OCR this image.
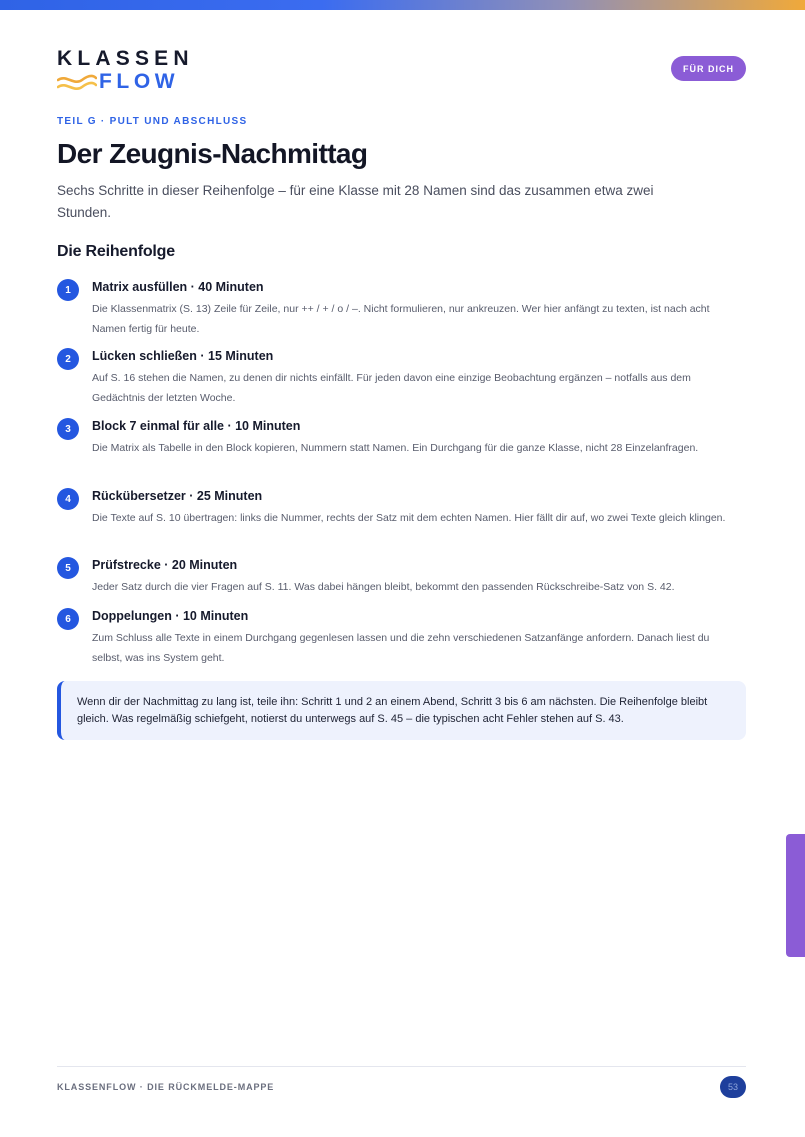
KLASSEN
FLOW
FÜR DICH
TEIL G · PULT UND ABSCHLUSS
Der Zeugnis-Nachmittag

Sechs Schritte in dieser Reihenfolge – für eine Klasse mit 28 Namen sind das zusammen etwa zwei Stunden.

Die Reihenfolge
1	Matrix ausfüllen · 40 Minuten
Die Klassenmatrix (S. 13) Zeile für Zeile, nur ++ / + / o / –. Nicht formulieren, nur ankreuzen. Wer hier anfängt zu texten, ist nach acht Namen fertig für heute.
2	Lücken schließen · 15 Minuten
Auf S. 16 stehen die Namen, zu denen dir nichts einfällt. Für jeden davon eine einzige Beobachtung ergänzen – notfalls aus dem Gedächtnis der letzten Woche.
3	Block 7 einmal für alle · 10 Minuten
Die Matrix als Tabelle in den Block kopieren, Nummern statt Namen. Ein Durchgang für die ganze Klasse, nicht 28 Einzelanfragen.
4	Rückübersetzer · 25 Minuten
Die Texte auf S. 10 übertragen: links die Nummer, rechts der Satz mit dem echten Namen. Hier fällt dir auf, wo zwei Texte gleich klingen.
5	Prüfstrecke · 20 Minuten
Jeder Satz durch die vier Fragen auf S. 11. Was dabei hängen bleibt, bekommt den passenden Rückschreibe-Satz von S. 42.
6	Doppelungen · 10 Minuten
Zum Schluss alle Texte in einem Durchgang gegenlesen lassen und die zehn verschiedenen Satzanfänge anfordern. Danach liest du selbst, was ins System geht.

Wenn dir der Nachmittag zu lang ist, teile ihn: Schritt 1 und 2 an einem Abend, Schritt 3 bis 6 am nächsten. Die Reihenfolge bleibt gleich. Was regelmäßig schiefgeht, notierst du unterwegs auf S. 45 – die typischen acht Fehler stehen auf S. 43.

KLASSENFLOW · DIE RÜCKMELDE-MAPPE	53
